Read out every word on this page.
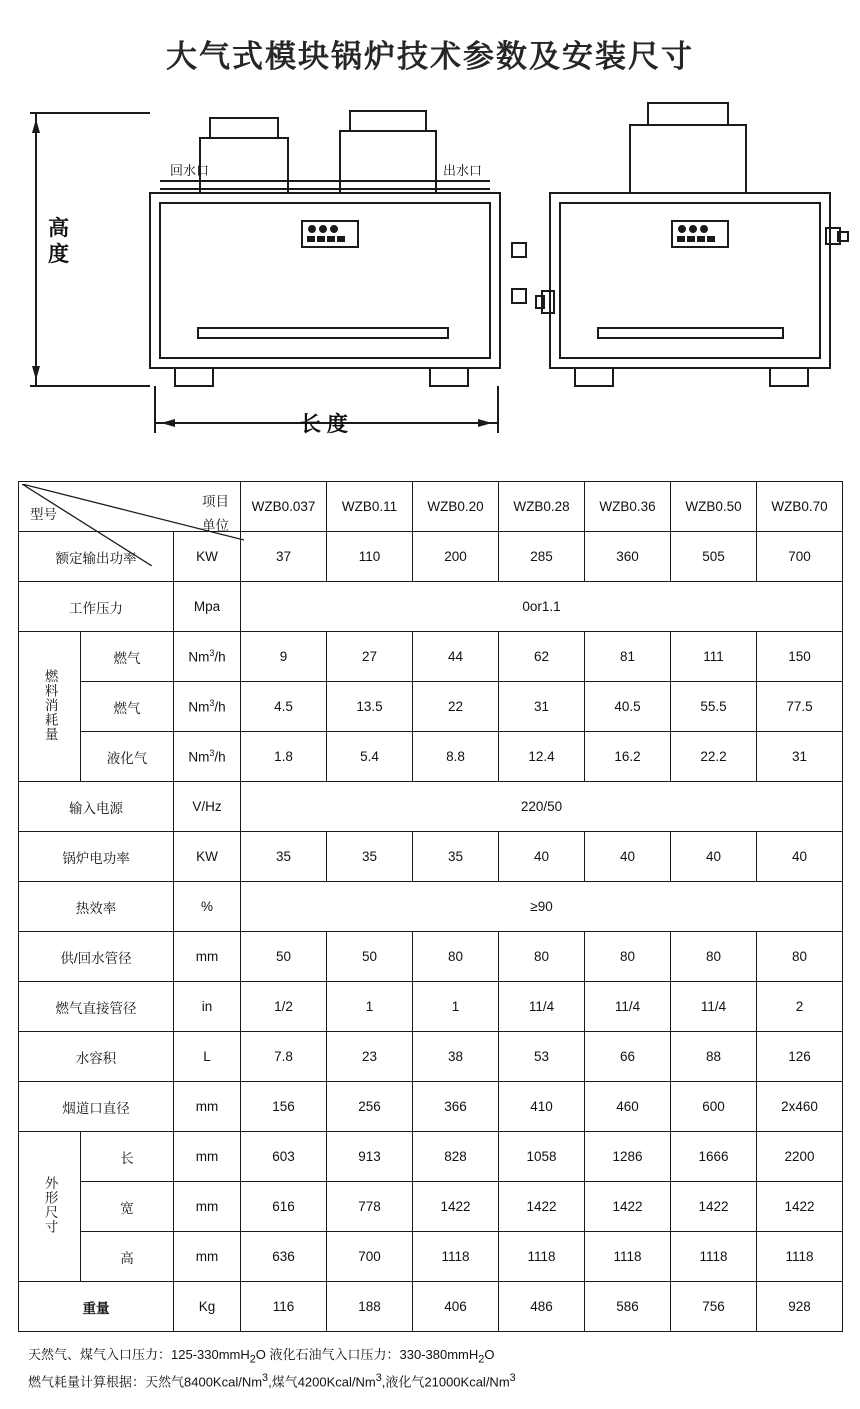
大气式模块锅炉技术参数及安装尺寸
高
度
长 度
回水口	出水口
项目
单位
型号			WZB0.037	WZB0.11	WZB0.20	WZB0.28	WZB0.36	WZB0.50	WZB0.70
额定输出功率		KW	37	110	200	285	360	505	700
工作压力		Mpa	0or1.1						
燃料消耗量	燃气	Nm$^3$/h	9	27	44	62	81	111	150
	燃气	Nm$^3$/h	4.5	13.5	22	31	40.5	55.5	77.5
	液化气	Nm$^3$/h	1.8	5.4	8.8	12.4	16.2	22.2	31
输入电源		V/Hz	220/50						
锅炉电功率		KW	35	35	35	40	40	40	40
热效率		%	≥90						
供/回水管径		mm	50	50	80	80	80	80	80
燃气直接管径		in	1/2	1	1	11/4	11/4	11/4	2
水容积		L	7.8	23	38	53	66	88	126
烟道口直径		mm	156	256	366	410	460	600	2x460
外形尺寸	长	mm	603	913	828	1058	1286	1666	2200
	宽	mm	616	778	1422	1422	1422	1422	1422
	高	mm	636	700	1118	1118	1118	1118	1118
重量		Kg	116	188	406	486	586	756	928
天然气、煤气入口压力：125-330mmH$_2$O 液化石油气入口压力：330-380mmH$_2$O
燃气耗量计算根据：天然气8400Kcal/Nm$^3$,煤气4200Kcal/Nm$^3$,液化气21000Kcal/Nm$^3$
